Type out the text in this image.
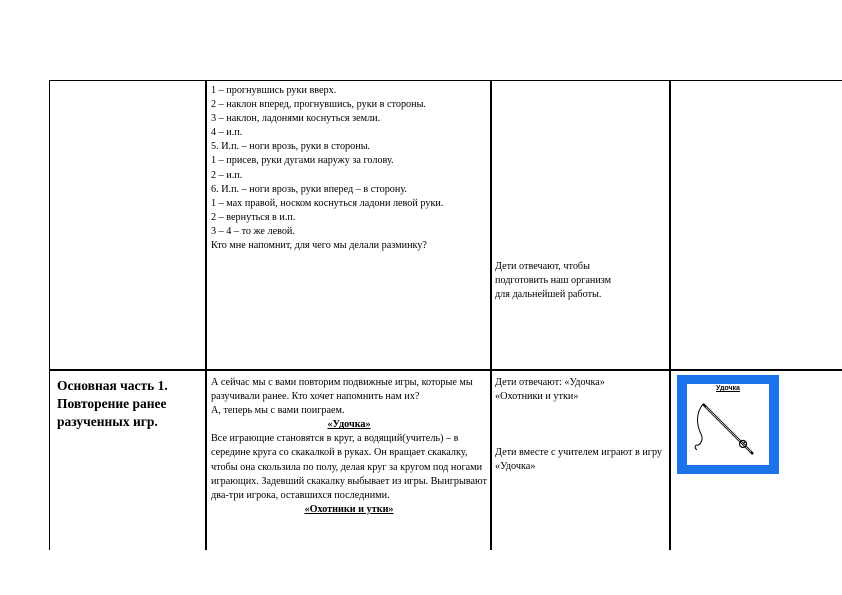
1 – прогнувшись руки вверх.

2 – наклон вперед, прогнувшись, руки в стороны.

3 – наклон, ладонями коснуться земли.

4 – и.п.

5. И.п. – ноги врозь, руки в стороны.

1 – присев, руки дугами наружу за голову.

2 – и.п.

6. И.п. – ноги врозь, руки вперед – в сторону.

1 – мах правой, носком коснуться ладони левой руки.

2 – вернуться в и.п.

3 – 4 – то же левой.

Кто мне напомнит, для чего мы делали разминку?

Дети отвечают, чтобы

подготовить наш организм

для дальнейшей работы.

Основная часть 1. Повторение ранее разученных игр.

А сейчас мы с вами повторим подвижные игры, которые мы разучивали ранее. Кто хочет напомнить нам их?

А, теперь мы с вами поиграем.

«Удочка»

Все играющие становятся в круг, а водящий(учитель) – в середине круга со скакалкой в руках. Он вращает скакалку, чтобы она скользила по полу, делая круг за кругом под ногами играющих. Задевший скакалку выбывает из игры. Выигрывают два-три игрока, оставшихся последними.

«Охотники и утки»

Дети отвечают: «Удочка»

«Охотники и утки»

Дети вместе с учителем играют в игру «Удочка»

Удочка
